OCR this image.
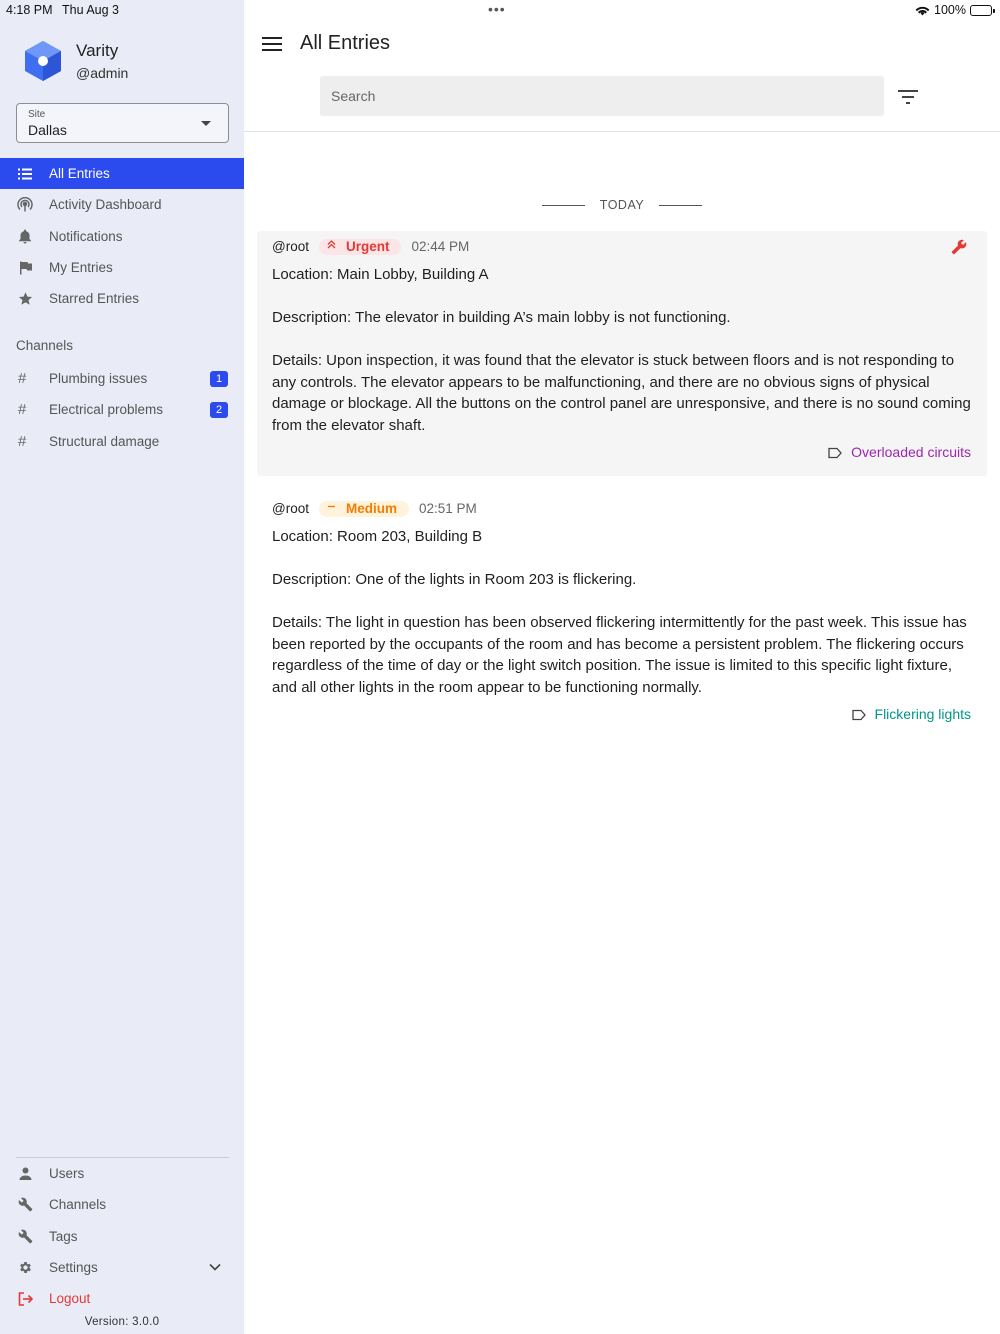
4:18 PM Thu Aug 3	•••	100%
Varity
@admin
Site
Dallas
All Entries
Activity Dashboard
Notifications
My Entries
Starred Entries
Channels
#	Plumbing issues	1
#	Electrical problems	2
#	Structural damage
Users
Channels
Tags
Settings
Logout
Version: 3.0.0
All Entries
Search
TODAY
@root	Urgent 02:44 PM

Location: Main Lobby, Building A

Description: The elevator in building A’s main lobby is not functioning.

Details: Upon inspection, it was found that the elevator is stuck between floors and is not responding to any controls. The elevator appears to be malfunctioning, and there are no obvious signs of physical damage or blockage. All the buttons on the control panel are unresponsive, and there is no sound coming from the elevator shaft.

Overloaded circuits
@root	Medium 02:51 PM

Location: Room 203, Building B

Description: One of the lights in Room 203 is flickering.

Details: The light in question has been observed flickering intermittently for the past week. This issue has been reported by the occupants of the room and has become a persistent problem. The flickering occurs regardless of the time of day or the light switch position. The issue is limited to this specific light fixture, and all other lights in the room appear to be functioning normally.

Flickering lights
